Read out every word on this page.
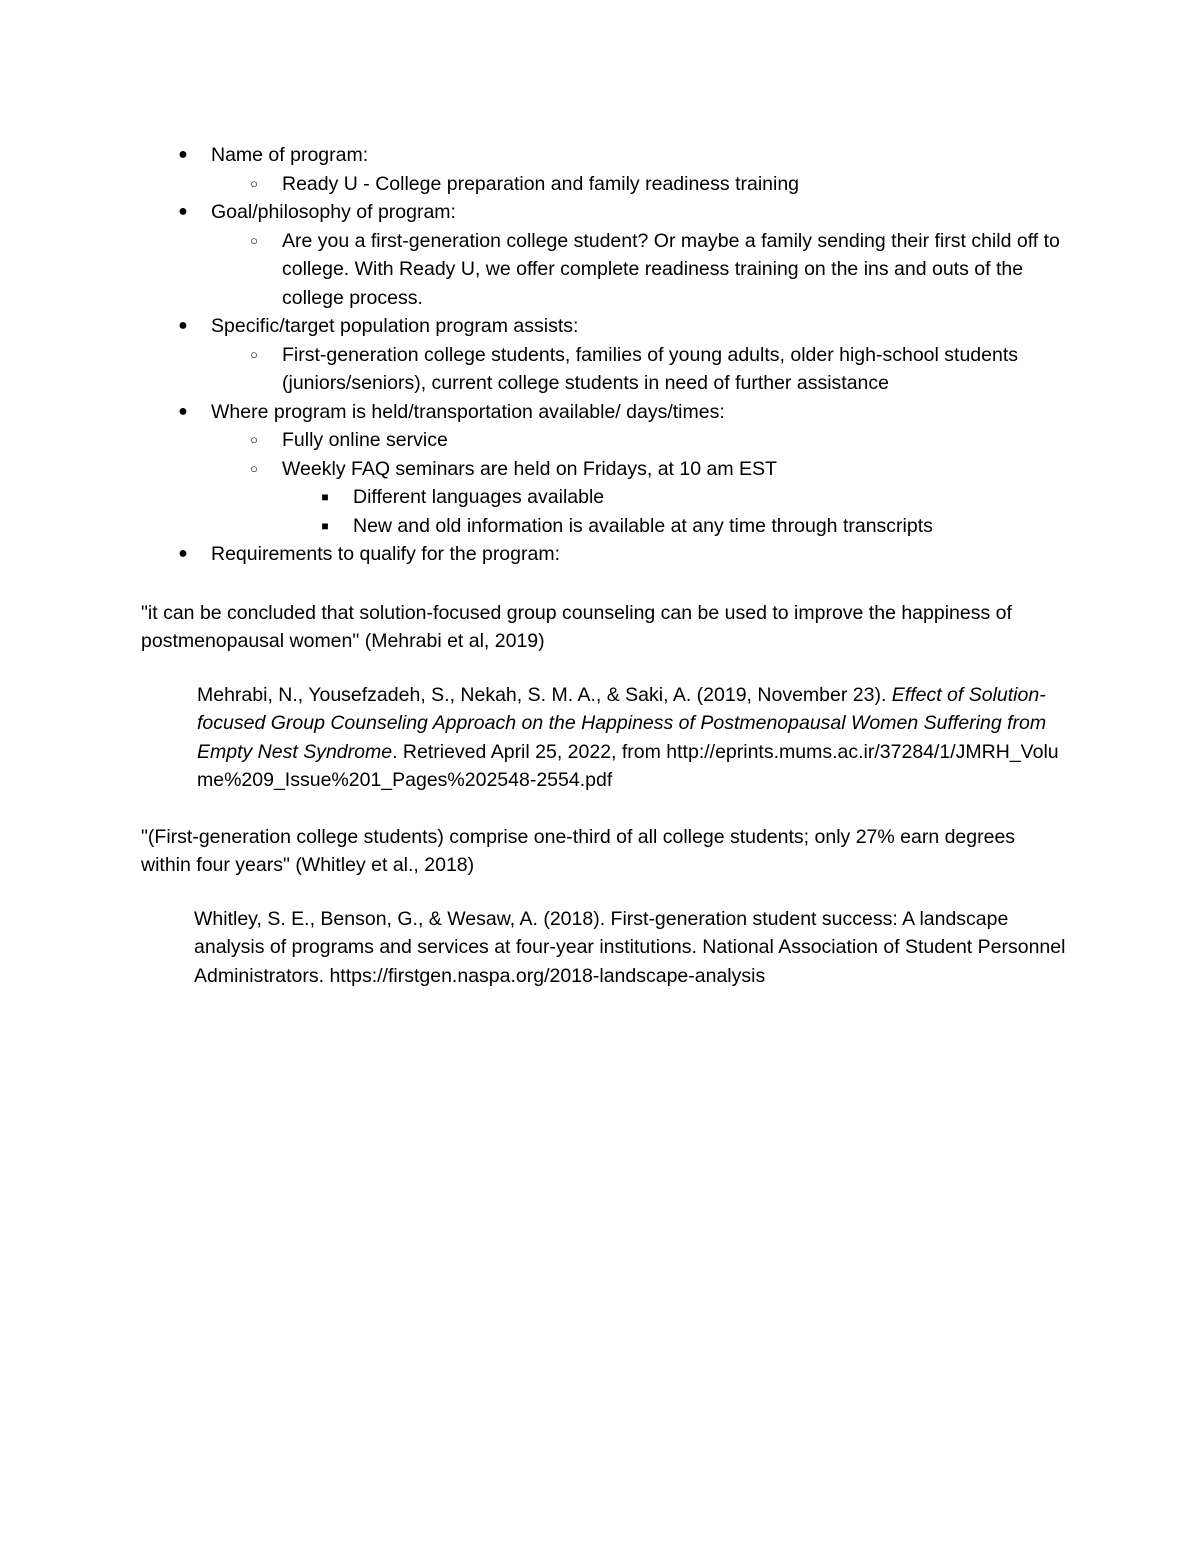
● Name of program:
○	Ready U - College preparation and family readiness training
● Goal/philosophy of program:
○	Are you a first-generation college student? Or maybe a family sending their first child off to college. With Ready U, we offer complete readiness training on the ins and outs of the college process.
● Specific/target population program assists:
○	First-generation college students, families of young adults, older high-school students (juniors/seniors), current college students in need of further assistance
● Where program is held/transportation available/ days/times:
○	Fully online service
○	Weekly FAQ seminars are held on Fridays, at 10 am EST
■	Different languages available
■	New and old information is available at any time through transcripts
● Requirements to qualify for the program:

"it can be concluded that solution-focused group counseling can be used to improve the happiness of postmenopausal women" (Mehrabi et al, 2019)

Mehrabi, N., Yousefzadeh, S., Nekah, S. M. A., & Saki, A. (2019, November 23). Effect of Solution-focused Group Counseling Approach on the Happiness of Postmenopausal Women Suffering from Empty Nest Syndrome. Retrieved April 25, 2022, from http://eprints.mums.ac.ir/37284/1/JMRH_Volume%209_Issue%201_Pages%202548-2554.pdf

"(First-generation college students) comprise one-third of all college students; only 27% earn degrees within four years" (Whitley et al., 2018)

Whitley, S. E., Benson, G., & Wesaw, A. (2018). First-generation student success: A landscape analysis of programs and services at four-year institutions. National Association of Student Personnel Administrators. https://firstgen.naspa.org/2018-landscape-analysis
